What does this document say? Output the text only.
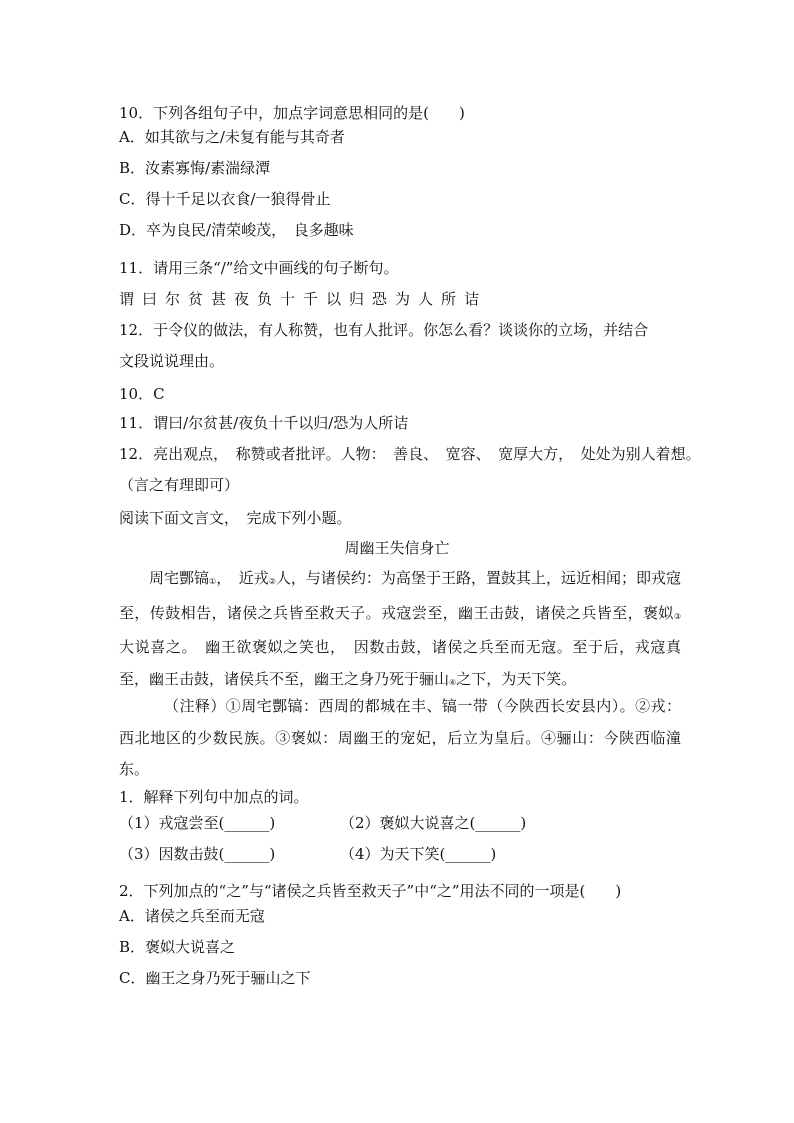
10．下列各组句子中，加点字词意思相同的是(　　)
A．如其欲与之/未复有能与其奇者
B．汝素寡悔/素湍绿潭
C．得十千足以衣食/一狼得骨止
D．卒为良民/清荣峻茂，　良多趣味
11．请用三条“/”给文中画线的句子断句。
谓曰尔贫甚夜负十千以归恐为人所诘
12．于令仪的做法，有人称赞，也有人批评。你怎么看？谈谈你的立场，并结合
文段说说理由。
10．C
11．谓曰/尔贫甚/夜负十千以归/恐为人所诘
12．亮出观点，　称赞或者批评。人物：　善良、　宽容、　宽厚大方，　处处为别人着想。
（言之有理即可）
阅读下面文言文，　完成下列小题。
周幽王失信身亡
周宅酆镐$_①$，　近戎$_②$人，与诸侯约：为高堡于王路，置鼓其上，远近相闻；即戎寇至，传鼓相告，诸侯之兵皆至救天子。戎寇尝至，幽王击鼓，诸侯之兵皆至，褒姒$_③$大说喜之。　幽王欲褒姒之笑也，　因数击鼓，诸侯之兵至而无寇。至于后，戎寇真至，幽王击鼓，诸侯兵不至，幽王之身乃死于骊山$_④$之下，为天下笑。
（注释）①周宅酆镐：西周的都城在丰、镐一带（今陕西长安县内）。②戎：西北地区的少数民族。③褒姒：周幽王的宠妃，后立为皇后。④骊山：今陕西临潼东。
1．解释下列句中加点的词。
（1）戎寇尝至(______)	（2）褒姒大说喜之(______)
（3）因数击鼓(______)	（4）为天下笑(______)
2．下列加点的“之”与“诸侯之兵皆至救天子”中“之”用法不同的一项是(　　)
A．诸侯之兵至而无寇
B．褒姒大说喜之
C．幽王之身乃死于骊山之下
